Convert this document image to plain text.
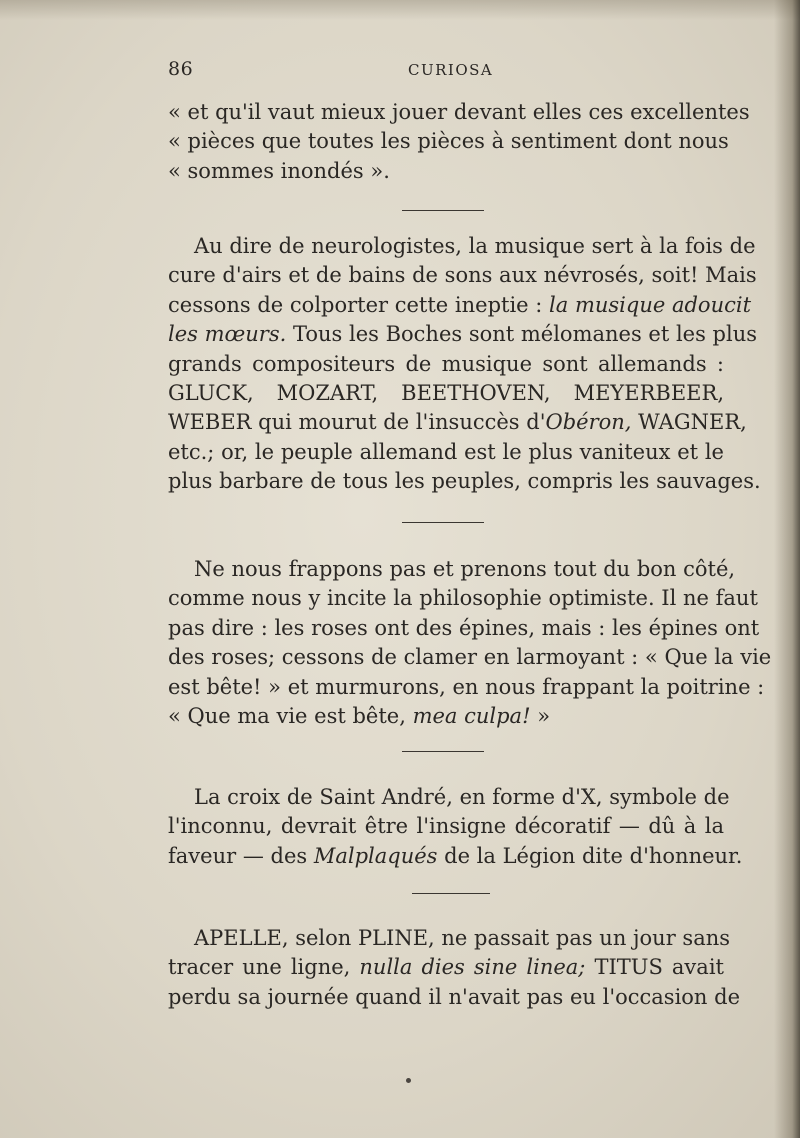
86	CURIOSA
« et qu'il vaut mieux jouer devant elles ces excellentes
« pièces que toutes les pièces à sentiment dont nous
« sommes inondés ».
Au dire de neurologistes, la musique sert à la fois de
cure d'airs et de bains de sons aux névrosés, soit! Mais
cessons de colporter cette ineptie : la musique adoucit
les mœurs. Tous les Boches sont mélomanes et les plus
grands compositeurs de musique sont allemands :
GLUCK, MOZART, BEETHOVEN, MEYERBEER,
WEBER qui mourut de l'insuccès d'Obéron, WAGNER,
etc.; or, le peuple allemand est le plus vaniteux et le
plus barbare de tous les peuples, compris les sauvages.
Ne nous frappons pas et prenons tout du bon côté,
comme nous y incite la philosophie optimiste. Il ne faut
pas dire : les roses ont des épines, mais : les épines ont
des roses; cessons de clamer en larmoyant : « Que la vie
est bête! » et murmurons, en nous frappant la poitrine :
« Que ma vie est bête, mea culpa! »
La croix de Saint André, en forme d'X, symbole de
l'inconnu, devrait être l'insigne décoratif — dû à la
faveur — des Malplaqués de la Légion dite d'honneur.
APELLE, selon PLINE, ne passait pas un jour sans
tracer une ligne, nulla dies sine linea; TITUS avait
perdu sa journée quand il n'avait pas eu l'occasion de
